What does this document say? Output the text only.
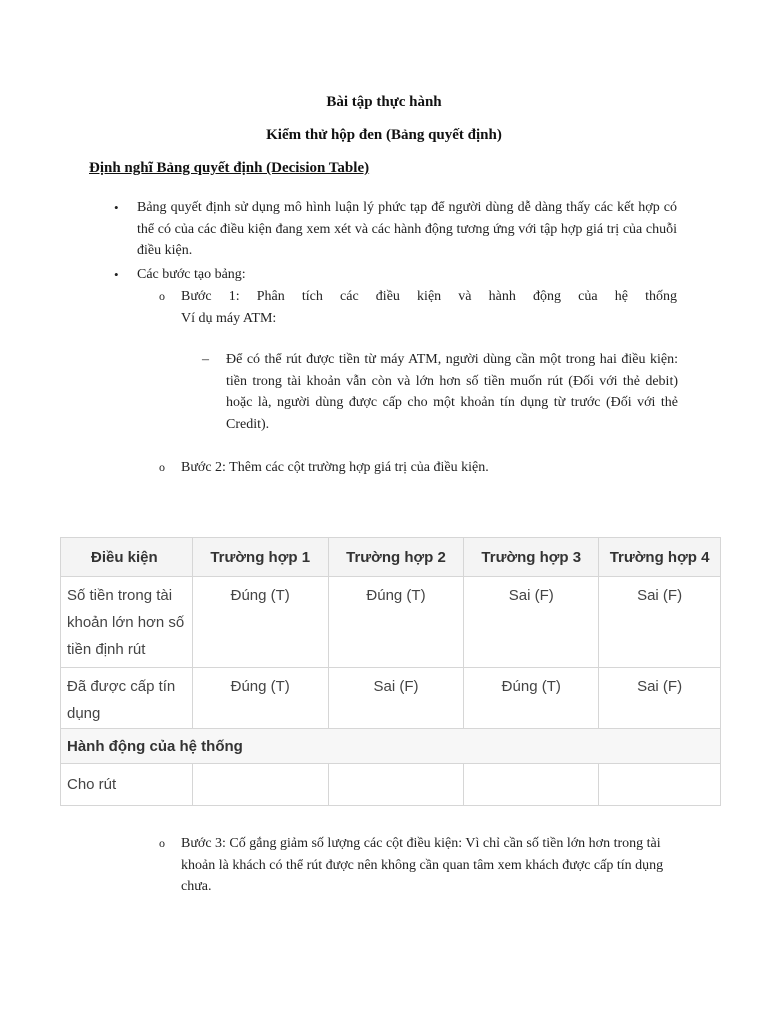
Bài tập thực hành
Kiểm thử hộp đen (Bảng quyết định)
Định nghĩ Bảng quyết định (Decision Table)
• Bảng quyết định sử dụng mô hình luận lý phức tạp để người dùng dễ dàng thấy các kết hợp có thể có của các điều kiện đang xem xét và các hành động tương ứng với tập hợp giá trị của chuỗi điều kiện.
• Các bước tạo bảng:
o Bước 1: Phân tích các điều kiện và hành động của hệ thống
Ví dụ máy ATM:
– Để có thể rút được tiền từ máy ATM, người dùng cần một trong hai điều kiện: tiền trong tài khoản vẫn còn và lớn hơn số tiền muốn rút (Đối với thẻ debit) hoặc là, người dùng được cấp cho một khoản tín dụng từ trước (Đối với thẻ Credit).
o Bước 2: Thêm các cột trường hợp giá trị của điều kiện.
Điều kiện	Trường hợp 1	Trường hợp 2	Trường hợp 3	Trường hợp 4
Số tiền trong tài khoản lớn hơn số tiền định rút	Đúng (T)	Đúng (T)	Sai (F)	Sai (F)
Đã được cấp tín dụng	Đúng (T)	Sai (F)	Đúng (T)	Sai (F)
Hành động của hệ thống				
Cho rút				
o Bước 3: Cố gắng giảm số lượng các cột điều kiện: Vì chỉ cần số tiền lớn hơn trong tài khoản là khách có thể rút được nên không cần quan tâm xem khách được cấp tín dụng chưa.
